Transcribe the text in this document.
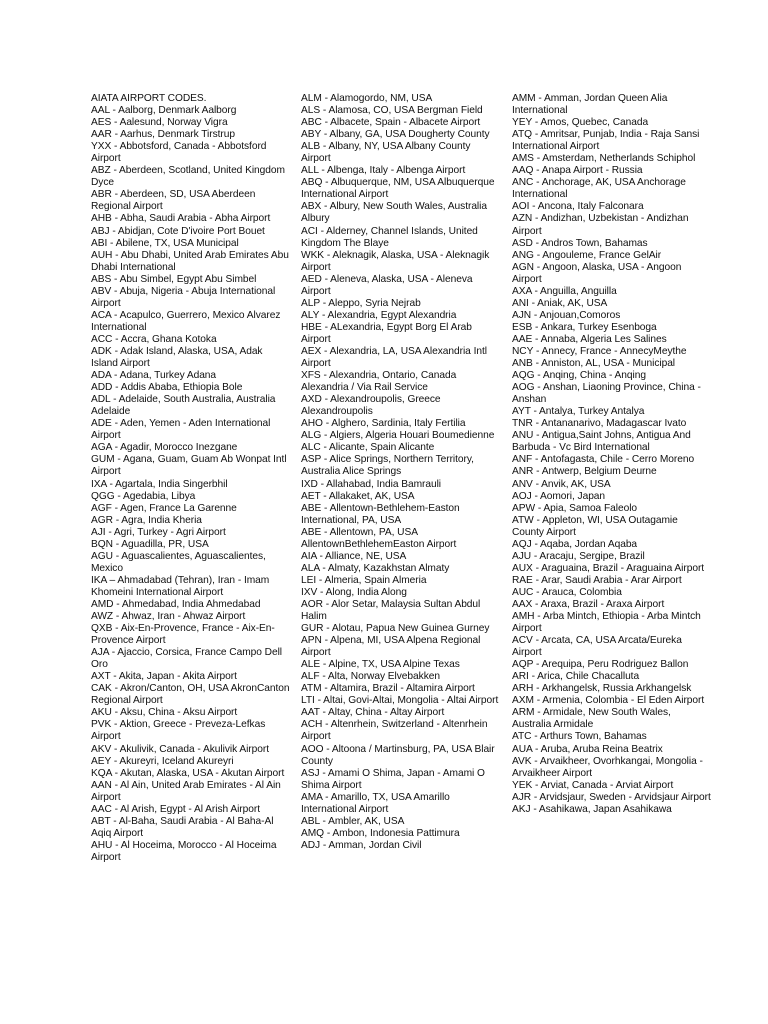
AIATA AIRPORT CODES.

AAL - Aalborg, Denmark Aalborg

AES - Aalesund, Norway Vigra

AAR - Aarhus, Denmark Tirstrup

YXX - Abbotsford, Canada - Abbotsford Airport

ABZ - Aberdeen, Scotland, United Kingdom Dyce

ABR - Aberdeen, SD, USA Aberdeen Regional Airport

AHB - Abha, Saudi Arabia - Abha Airport

ABJ - Abidjan, Cote D'ivoire Port Bouet

ABI - Abilene, TX, USA Municipal

AUH - Abu Dhabi, United Arab Emirates Abu Dhabi International

ABS - Abu Simbel, Egypt Abu Simbel

ABV - Abuja, Nigeria - Abuja International Airport

ACA - Acapulco, Guerrero, Mexico Alvarez International

ACC - Accra, Ghana Kotoka

ADK - Adak Island, Alaska, USA, Adak Island Airport

ADA - Adana, Turkey Adana

ADD - Addis Ababa, Ethiopia Bole

ADL - Adelaide, South Australia, Australia Adelaide

ADE - Aden, Yemen - Aden International Airport

AGA - Agadir, Morocco Inezgane

GUM - Agana, Guam, Guam Ab Wonpat Intl Airport

IXA - Agartala, India Singerbhil

QGG - Agedabia, Libya

AGF - Agen, France La Garenne

AGR - Agra, India Kheria

AJI - Agri, Turkey - Agri Airport

BQN - Aguadilla, PR, USA

AGU - Aguascalientes, Aguascalientes, Mexico

IKA – Ahmadabad (Tehran), Iran - Imam Khomeini International Airport

AMD - Ahmedabad, India Ahmedabad

AWZ - Ahwaz, Iran - Ahwaz Airport

QXB - Aix-En-Provence, France - Aix-En-Provence Airport

AJA - Ajaccio, Corsica, France Campo Dell Oro

AXT - Akita, Japan - Akita Airport

CAK - Akron/Canton, OH, USA AkronCanton Regional Airport

AKU - Aksu, China - Aksu Airport

PVK - Aktion, Greece - Preveza-Lefkas Airport

AKV - Akulivik, Canada - Akulivik Airport

AEY - Akureyri, Iceland Akureyri

KQA - Akutan, Alaska, USA - Akutan Airport

AAN - Al Ain, United Arab Emirates - Al Ain Airport

AAC - Al Arish, Egypt - Al Arish Airport

ABT - Al-Baha, Saudi Arabia - Al Baha-Al Aqiq Airport

AHU - Al Hoceima, Morocco - Al Hoceima Airport

ALM - Alamogordo, NM, USA

ALS - Alamosa, CO, USA Bergman Field

ABC - Albacete, Spain - Albacete Airport

ABY - Albany, GA, USA Dougherty County

ALB - Albany, NY, USA Albany County Airport

ALL - Albenga, Italy - Albenga Airport

ABQ - Albuquerque, NM, USA Albuquerque International Airport

ABX - Albury, New South Wales, Australia Albury

ACI - Alderney, Channel Islands, United Kingdom The Blaye

WKK - Aleknagik, Alaska, USA - Aleknagik Airport

AED - Aleneva, Alaska, USA - Aleneva Airport

ALP - Aleppo, Syria Nejrab

ALY - Alexandria, Egypt Alexandria

HBE - ALexandria, Egypt Borg El Arab Airport

AEX - Alexandria, LA, USA Alexandria Intl Airport

XFS - Alexandria, Ontario, Canada Alexandria / Via Rail Service

AXD - Alexandroupolis, Greece Alexandroupolis

AHO - Alghero, Sardinia, Italy Fertilia

ALG - Algiers, Algeria Houari Boumedienne

ALC - Alicante, Spain Alicante

ASP - Alice Springs, Northern Territory, Australia Alice Springs

IXD - Allahabad, India Bamrauli

AET - Allakaket, AK, USA

ABE - Allentown-Bethlehem-Easton International, PA, USA

ABE - Allentown, PA, USA AllentownBethlehemEaston Airport

AIA - Alliance, NE, USA

ALA - Almaty, Kazakhstan Almaty

LEI - Almeria, Spain Almeria

IXV - Along, India Along

AOR - Alor Setar, Malaysia Sultan Abdul Halim

GUR - Alotau, Papua New Guinea Gurney

APN - Alpena, MI, USA Alpena Regional Airport

ALE - Alpine, TX, USA Alpine Texas

ALF - Alta, Norway Elvebakken

ATM - Altamira, Brazil - Altamira Airport

LTI - Altai, Govi-Altai, Mongolia - Altai Airport

AAT - Altay, China - Altay Airport

ACH - Altenrhein, Switzerland - Altenrhein Airport

AOO - Altoona / Martinsburg, PA, USA Blair County

ASJ - Amami O Shima, Japan - Amami O Shima Airport

AMA - Amarillo, TX, USA Amarillo International Airport

ABL - Ambler, AK, USA

AMQ - Ambon, Indonesia Pattimura

ADJ - Amman, Jordan Civil

AMM - Amman, Jordan Queen Alia International

YEY - Amos, Quebec, Canada

ATQ - Amritsar, Punjab, India - Raja Sansi International Airport

AMS - Amsterdam, Netherlands Schiphol

AAQ - Anapa Airport - Russia

ANC - Anchorage, AK, USA Anchorage International

AOI - Ancona, Italy Falconara

AZN - Andizhan, Uzbekistan - Andizhan Airport

ASD - Andros Town, Bahamas

ANG - Angouleme, France GelAir

AGN - Angoon, Alaska, USA - Angoon Airport

AXA - Anguilla, Anguilla

ANI - Aniak, AK, USA

AJN - Anjouan,Comoros

ESB - Ankara, Turkey Esenboga

AAE - Annaba, Algeria Les Salines

NCY - Annecy, France - AnnecyMeythe

ANB - Anniston, AL, USA - Municipal

AQG - Anqing, China - Anqing

AOG - Anshan, Liaoning Province, China - Anshan

AYT - Antalya, Turkey Antalya

TNR - Antananarivo, Madagascar Ivato

ANU - Antigua,Saint Johns, Antigua And Barbuda - Vc Bird International

ANF - Antofagasta, Chile - Cerro Moreno

ANR - Antwerp, Belgium Deurne

ANV - Anvik, AK, USA

AOJ - Aomori, Japan

APW - Apia, Samoa Faleolo

ATW - Appleton, WI, USA Outagamie County Airport

AQJ - Aqaba, Jordan Aqaba

AJU - Aracaju, Sergipe, Brazil

AUX - Araguaina, Brazil - Araguaina Airport

RAE - Arar, Saudi Arabia - Arar Airport

AUC - Arauca, Colombia

AAX - Araxa, Brazil - Araxa Airport

AMH - Arba Mintch, Ethiopia - Arba Mintch Airport

ACV - Arcata, CA, USA Arcata/Eureka Airport

AQP - Arequipa, Peru Rodriguez Ballon

ARI - Arica, Chile Chacalluta

ARH - Arkhangelsk, Russia Arkhangelsk

AXM - Armenia, Colombia - El Eden Airport

ARM - Armidale, New South Wales, Australia Armidale

ATC - Arthurs Town, Bahamas

AUA - Aruba, Aruba Reina Beatrix

AVK - Arvaikheer, Ovorhkangai, Mongolia - Arvaikheer Airport

YEK - Arviat, Canada - Arviat Airport

AJR - Arvidsjaur, Sweden - Arvidsjaur Airport

AKJ - Asahikawa, Japan Asahikawa
